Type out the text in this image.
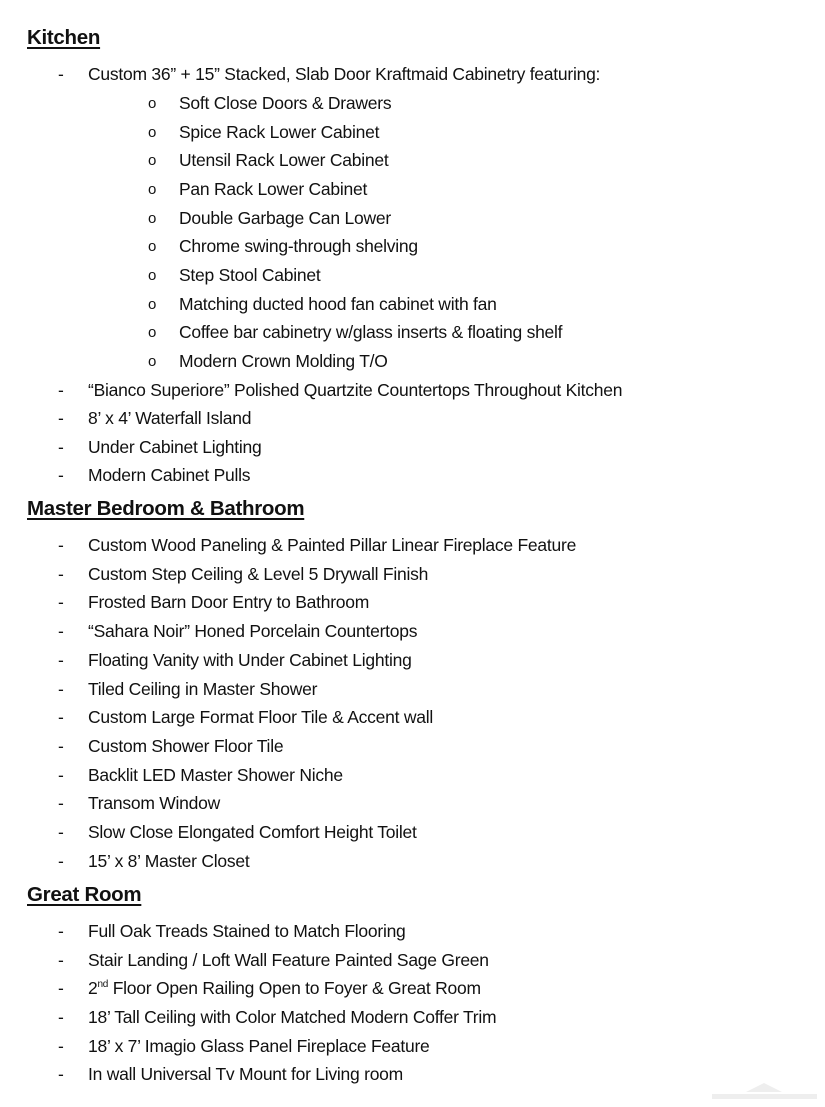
Kitchen
- Custom 36” + 15” Stacked, Slab Door Kraftmaid Cabinetry featuring:
o Soft Close Doors & Drawers
o Spice Rack Lower Cabinet
o Utensil Rack Lower Cabinet
o Pan Rack Lower Cabinet
o Double Garbage Can Lower
o Chrome swing-through shelving
o Step Stool Cabinet
o Matching ducted hood fan cabinet with fan
o Coffee bar cabinetry w/glass inserts & floating shelf
o Modern Crown Molding T/O
- “Bianco Superiore” Polished Quartzite Countertops Throughout Kitchen
- 8’ x 4’ Waterfall Island
- Under Cabinet Lighting
- Modern Cabinet Pulls
Master Bedroom & Bathroom
- Custom Wood Paneling & Painted Pillar Linear Fireplace Feature
- Custom Step Ceiling & Level 5 Drywall Finish
- Frosted Barn Door Entry to Bathroom
- “Sahara Noir” Honed Porcelain Countertops
- Floating Vanity with Under Cabinet Lighting
- Tiled Ceiling in Master Shower
- Custom Large Format Floor Tile & Accent wall
- Custom Shower Floor Tile
- Backlit LED Master Shower Niche
- Transom Window
- Slow Close Elongated Comfort Height Toilet
- 15’ x 8’ Master Closet
Great Room
- Full Oak Treads Stained to Match Flooring
- Stair Landing / Loft Wall Feature Painted Sage Green
- 2nd Floor Open Railing Open to Foyer & Great Room
- 18’ Tall Ceiling with Color Matched Modern Coffer Trim
- 18’ x 7’ Imagio Glass Panel Fireplace Feature
- In wall Universal Tv Mount for Living room
